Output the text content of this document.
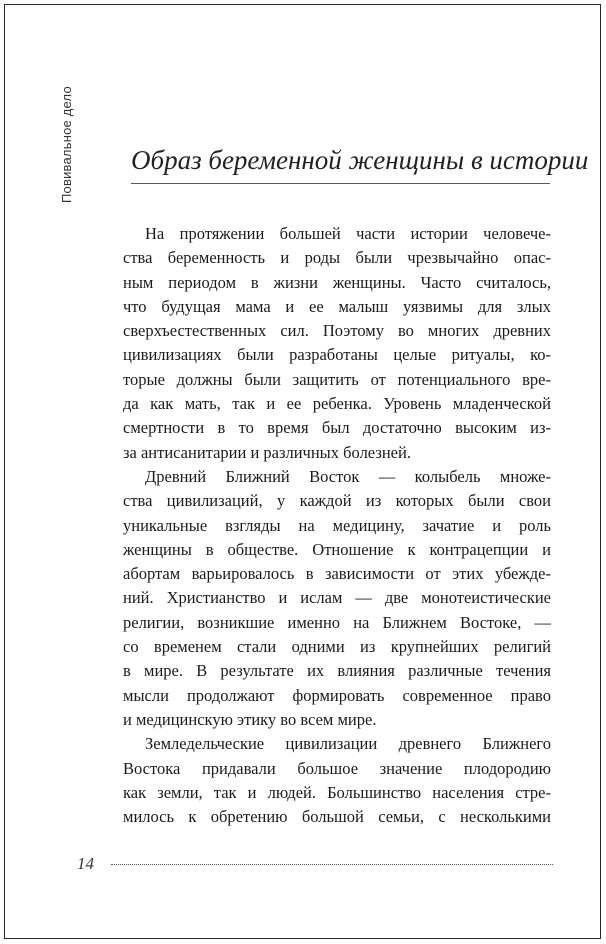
Повивальное дело Образ беременной женщины в истории
На протяжении большей части истории человече-
ства беременность и роды были чрезвычайно опас-
ным периодом в жизни женщины. Часто считалось,
что будущая мама и ее малыш уязвимы для злых
сверхъестественных сил. Поэтому во многих древних
цивилизациях были разработаны целые ритуалы, ко-
торые должны были защитить от потенциального вре-
да как мать, так и ее ребенка. Уровень младенческой
смертности в то время был достаточно высоким из-
за антисанитарии и различных болезней.
Древний Ближний Восток — колыбель множе-
ства цивилизаций, у каждой из которых были свои
уникальные взгляды на медицину, зачатие и роль
женщины в обществе. Отношение к контрацепции и
абортам варьировалось в зависимости от этих убежде-
ний. Христианство и ислам — две монотеистические
религии, возникшие именно на Ближнем Востоке, —
со временем стали одними из крупнейших религий
в мире. В результате их влияния различные течения
мысли продолжают формировать современное право
и медицинскую этику во всем мире.
Земледельческие цивилизации древнего Ближнего
Востока придавали большое значение плодородию
как земли, так и людей. Большинство населения стре-
милось к обретению большой семьи, с несколькими
14
